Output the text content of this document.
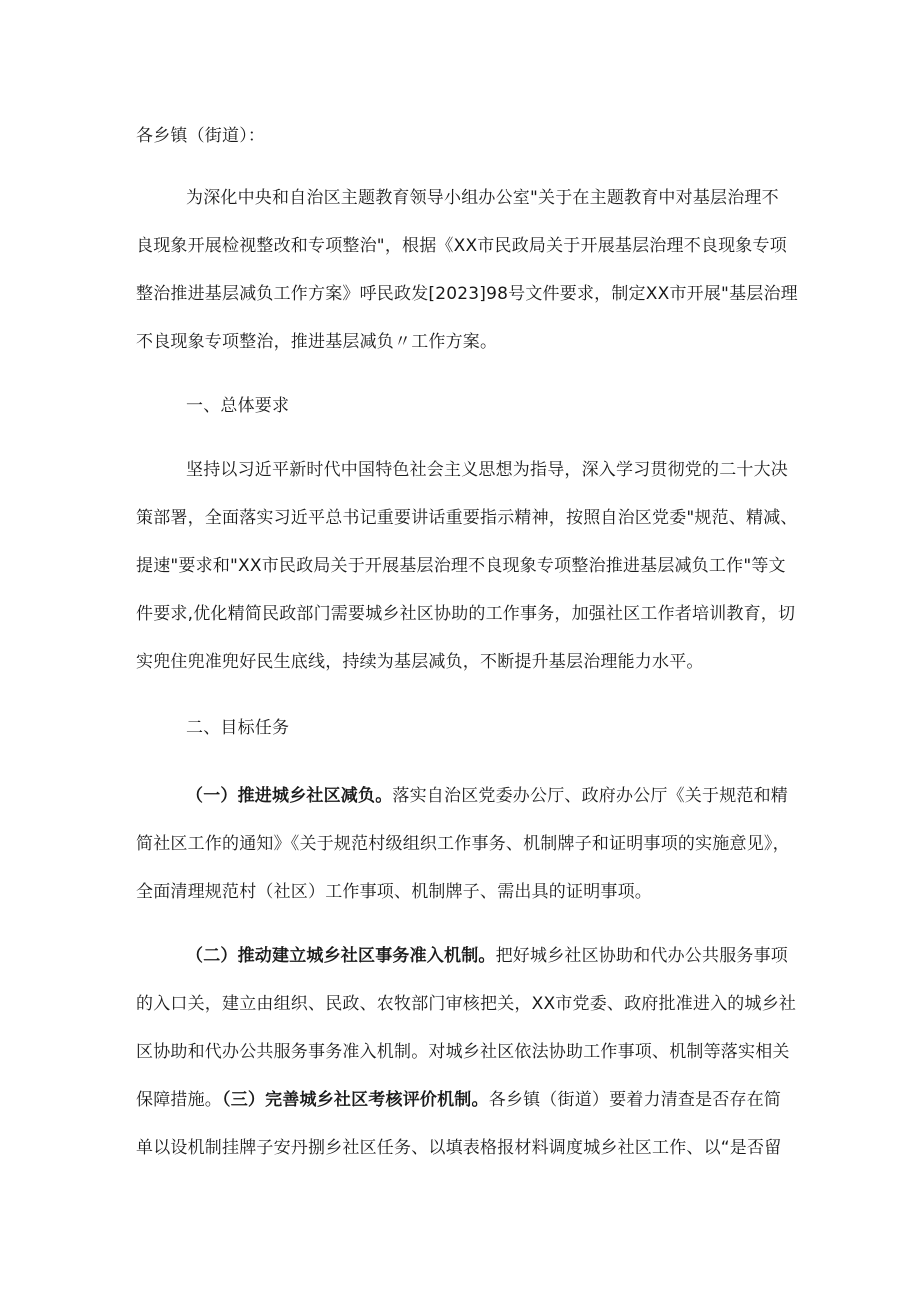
各乡镇（街道）：
为深化中央和自治区主题教育领导小组办公室"关于在主题教育中对基层治理不
良现象开展检视整改和专项整治"，根据《XX市民政局关于开展基层治理不良现象专项
整治推进基层减负工作方案》呼民政发[2023]98号文件要求，制定XX市开展"基层治理
不良现象专项整治，推进基层减负〃工作方案。
一、总体要求
坚持以习近平新时代中国特色社会主义思想为指导，深入学习贯彻党的二十大决
策部署，全面落实习近平总书记重要讲话重要指示精神，按照自治区党委"规范、精减、
提速"要求和"XX市民政局关于开展基层治理不良现象专项整治推进基层减负工作"等文
件要求,优化精简民政部门需要城乡社区协助的工作事务，加强社区工作者培训教育，切
实兜住兜准兜好民生底线，持续为基层减负，不断提升基层治理能力水平。
二、目标任务
（一）推进城乡社区减负。落实自治区党委办公厅、政府办公厅《关于规范和精
简社区工作的通知》《关于规范村级组织工作事务、机制牌子和证明事项的实施意见》，
全面清理规范村（社区）工作事项、机制牌子、需出具的证明事项。
（二）推动建立城乡社区事务准入机制。把好城乡社区协助和代办公共服务事项
的入口关，建立由组织、民政、农牧部门审核把关，XX市党委、政府批准进入的城乡社
区协助和代办公共服务事务准入机制。对城乡社区依法协助工作事项、机制等落实相关
保障措施。（三）完善城乡社区考核评价机制。各乡镇（街道）要着力清查是否存在简
单以设机制挂牌子安丹捌乡社区任务、以填表格报材料调度城乡社区工作、以“是否留
